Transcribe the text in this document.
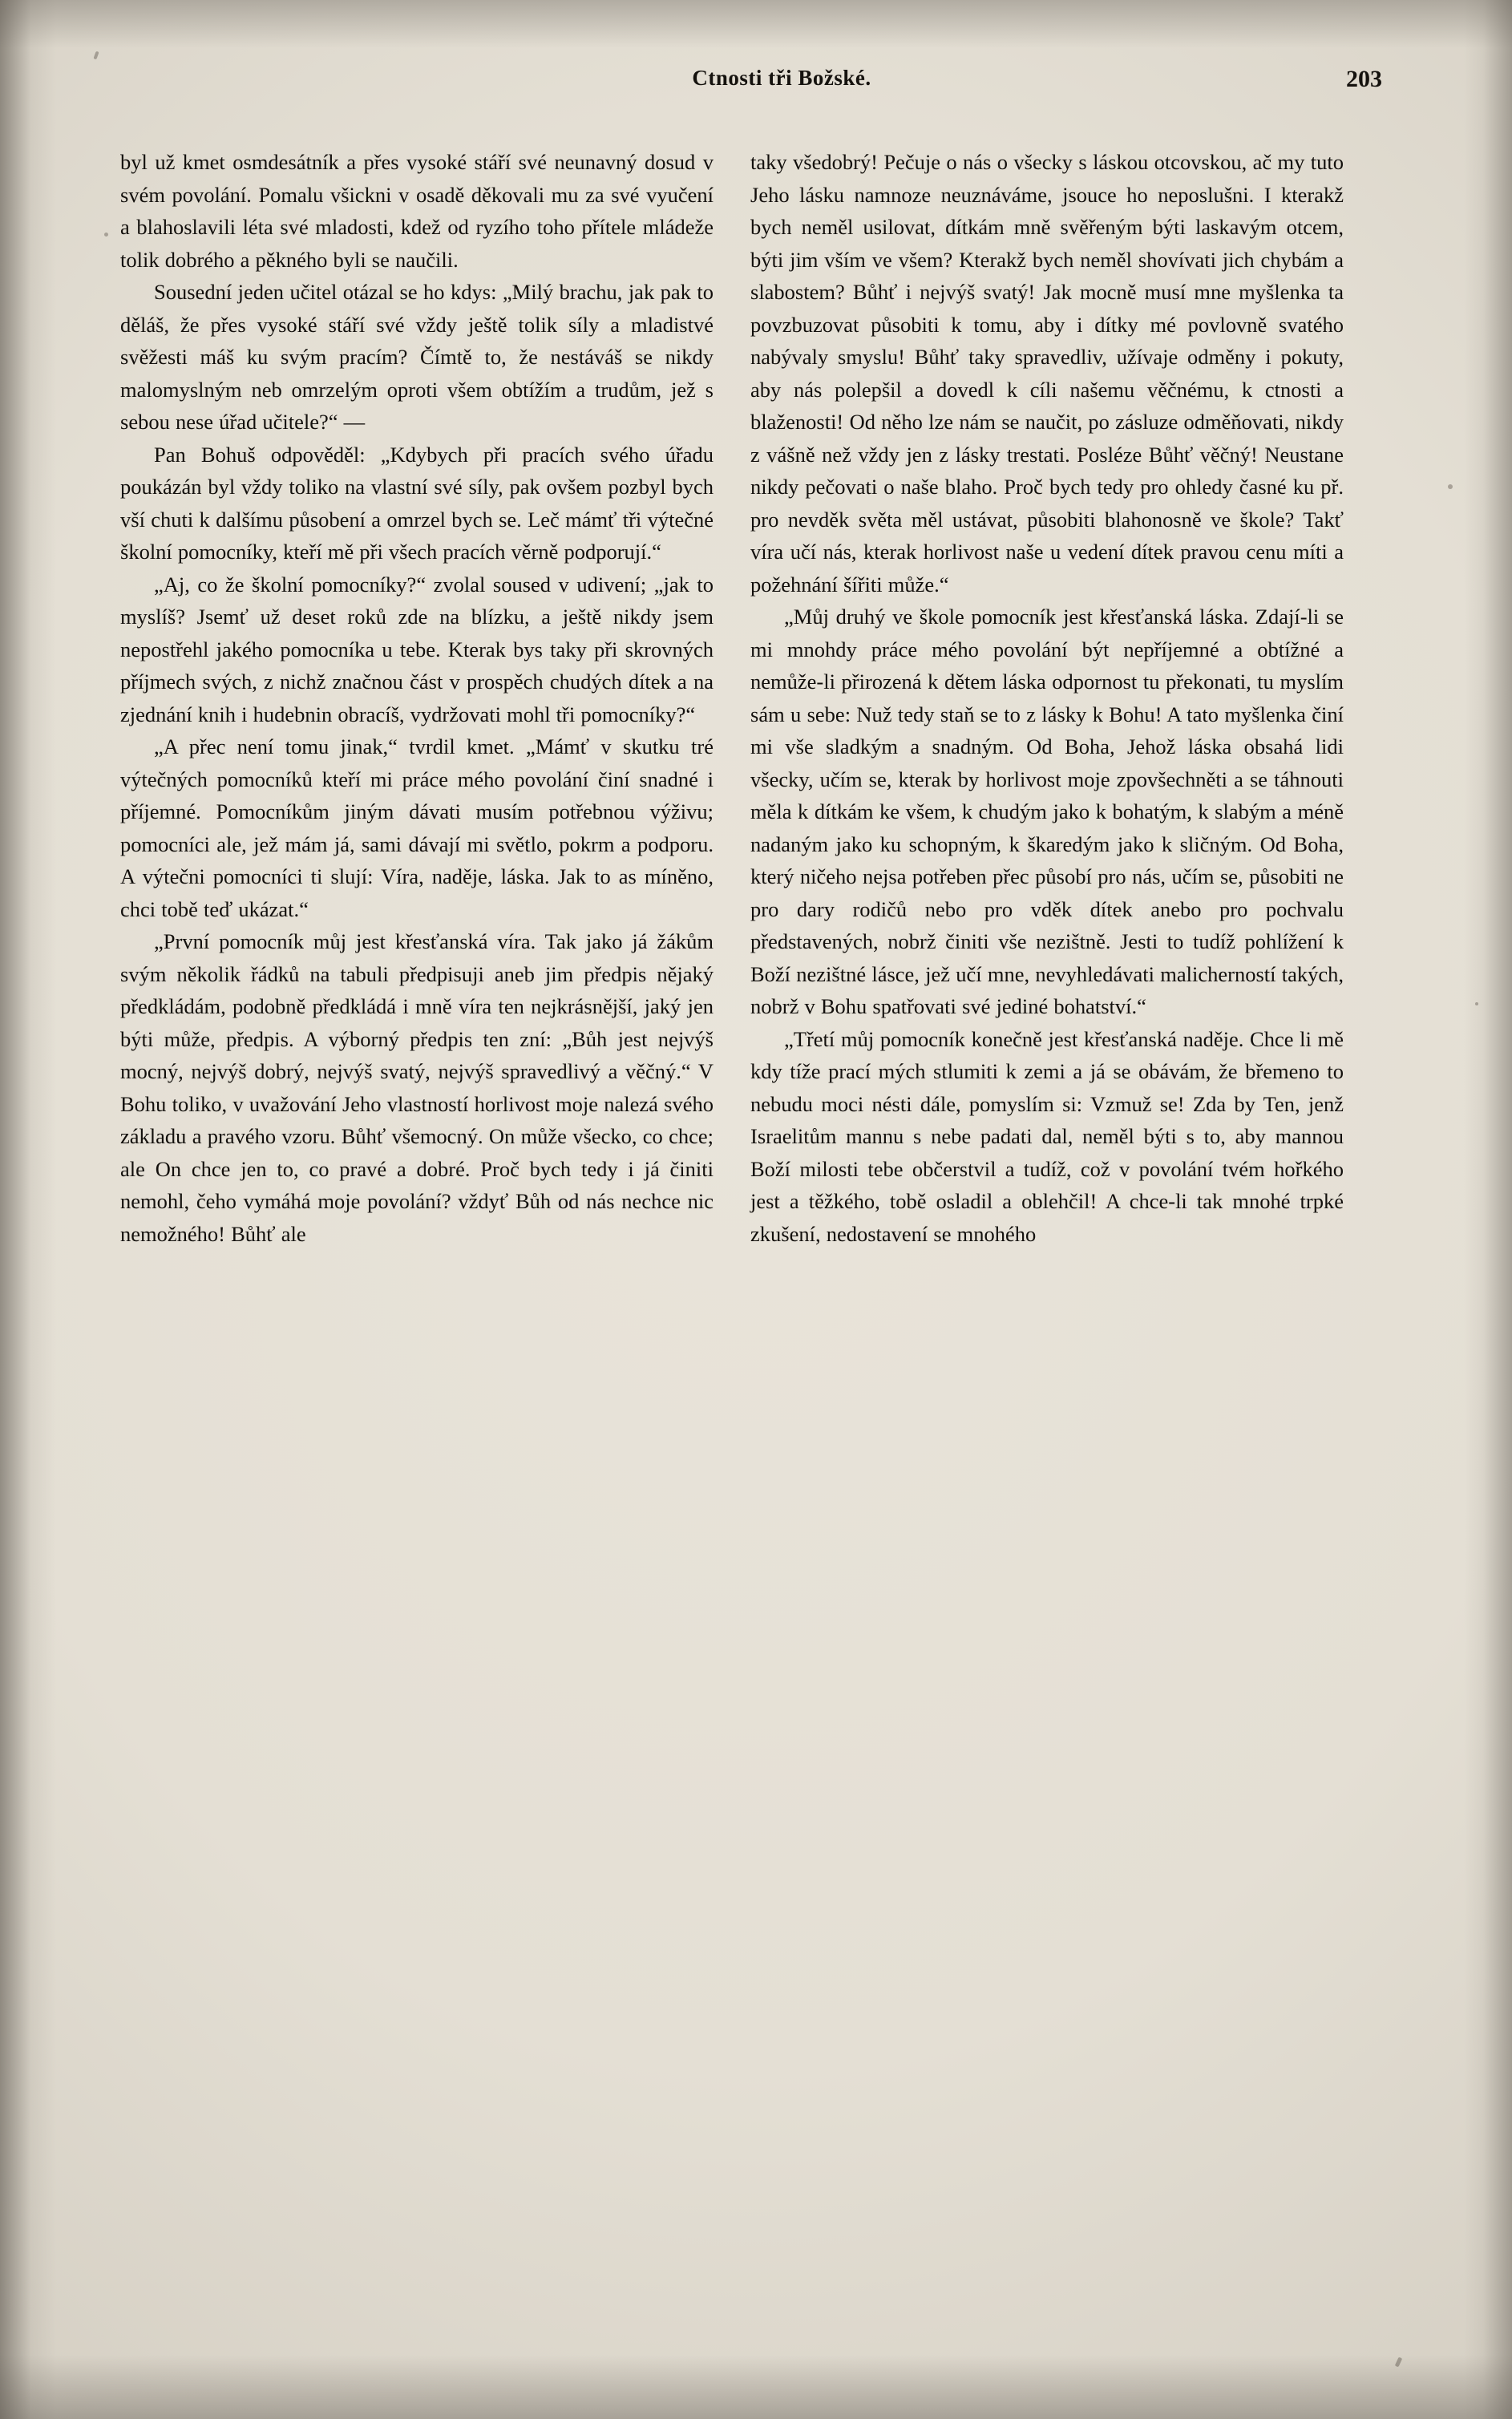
Ctnosti tři Božské.	203

byl už kmet osmdesátník a přes vysoké stáří své neunavný dosud v svém povolání. Pomalu všickni v osadě děkovali mu za své vyučení a blahoslavili léta své mladosti, kdež od ryzího toho přítele mládeže tolik dobrého a pěkného byli se naučili.

Sousední jeden učitel otázal se ho kdys: „Milý brachu, jak pak to děláš, že přes vysoké stáří své vždy ještě tolik síly a mladistvé svěžesti máš ku svým pracím? Čímtě to, že nestáváš se nikdy malomyslným neb omrzelým oproti všem obtížím a trudům, jež s sebou nese úřad učitele?“ —

Pan Bohuš odpověděl: „Kdybych při pracích svého úřadu poukázán byl vždy toliko na vlastní své síly, pak ovšem pozbyl bych vší chuti k dalšímu působení a omrzel bych se. Leč mámť tři výtečné školní pomocníky, kteří mě při všech pracích věrně podporují.“

„Aj, co že školní pomocníky?“ zvolal soused v udivení; „jak to myslíš? Jsemť už deset roků zde na blízku, a ještě nikdy jsem nepostřehl jakého pomocníka u tebe. Kterak bys taky při skrovných příjmech svých, z nichž značnou část v prospěch chudých dítek a na zjednání knih i hudebnin obracíš, vydržovati mohl tři pomocníky?“

„A přec není tomu jinak,“ tvrdil kmet. „Mámť v skutku tré výtečných pomocníků kteří mi práce mého povolání činí snadné i příjemné. Pomocníkům jiným dávati musím potřebnou výživu; pomocníci ale, jež mám já, sami dávají mi světlo, pokrm a podporu. A výtečni pomocníci ti slují: Víra, naděje, láska. Jak to as míněno, chci tobě teď ukázat.“

„První pomocník můj jest křesťanská víra. Tak jako já žákům svým několik řádků na tabuli předpisuji aneb jim předpis nějaký předkládám, podobně předkládá i mně víra ten nejkrásnější, jaký jen býti může, předpis. A výborný předpis ten zní: „Bůh jest nejvýš mocný, nejvýš dobrý, nejvýš svatý, nejvýš spravedlivý a věčný.“ V Bohu toliko, v uvažování Jeho vlastností horlivost moje nalezá svého základu a pravého vzoru. Bůhť všemocný. On může všecko, co chce; ale On chce jen to, co pravé a dobré. Proč bych tedy i já činiti nemohl, čeho vymáhá moje povolání? vždyť Bůh od nás nechce nic nemožného! Bůhť ale

taky všedobrý! Pečuje o nás o všecky s láskou otcovskou, ač my tuto Jeho lásku namnoze neuznáváme, jsouce ho neposlušni. I kterakž bych neměl usilovat, dítkám mně svěřeným býti laskavým otcem, býti jim vším ve všem? Kterakž bych neměl shovívati jich chybám a slabostem? Bůhť i nejvýš svatý! Jak mocně musí mne myšlenka ta povzbuzovat působiti k tomu, aby i dítky mé povlovně svatého nabývaly smyslu! Bůhť taky spravedliv, užívaje odměny i pokuty, aby nás polepšil a dovedl k cíli našemu věčnému, k ctnosti a blaženosti! Od něho lze nám se naučit, po zásluze odměňovati, nikdy z vášně než vždy jen z lásky trestati. Posléze Bůhť věčný! Neustane nikdy pečovati o naše blaho. Proč bych tedy pro ohledy časné ku př. pro nevděk světa měl ustávat, působiti blahonosně ve škole? Takť víra učí nás, kterak horlivost naše u vedení dítek pravou cenu míti a požehnání šířiti může.“

„Můj druhý ve škole pomocník jest křesťanská láska. Zdají-li se mi mnohdy práce mého povolání být nepříjemné a obtížné a nemůže-li přirozená k dětem láska odpornost tu překonati, tu myslím sám u sebe: Nuž tedy staň se to z lásky k Bohu! A tato myšlenka činí mi vše sladkým a snadným. Od Boha, Jehož láska obsahá lidi všecky, učím se, kterak by horlivost moje zpovšechněti a se táhnouti měla k dítkám ke všem, k chudým jako k bohatým, k slabým a méně nadaným jako ku schopným, k škaredým jako k sličným. Od Boha, který ničeho nejsa potřeben přec působí pro nás, učím se, působiti ne pro dary rodičů nebo pro vděk dítek anebo pro pochvalu představených, nobrž činiti vše nezištně. Jesti to tudíž pohlížení k Boží nezištné lásce, jež učí mne, nevyhledávati malicherností takých, nobrž v Bohu spatřovati své jediné bohatství.“

„Třetí můj pomocník konečně jest křesťanská naděje. Chce li mě kdy tíže prací mých stlumiti k zemi a já se obávám, že břemeno to nebudu moci nésti dále, pomyslím si: Vzmuž se! Zda by Ten, jenž Israelitům mannu s nebe padati dal, neměl býti s to, aby mannou Boží milosti tebe občerstvil a tudíž, což v povolání tvém hořkého jest a těžkého, tobě osladil a oblehčil! A chce-li tak mnohé trpké zkušení, nedostavení se mnohého
